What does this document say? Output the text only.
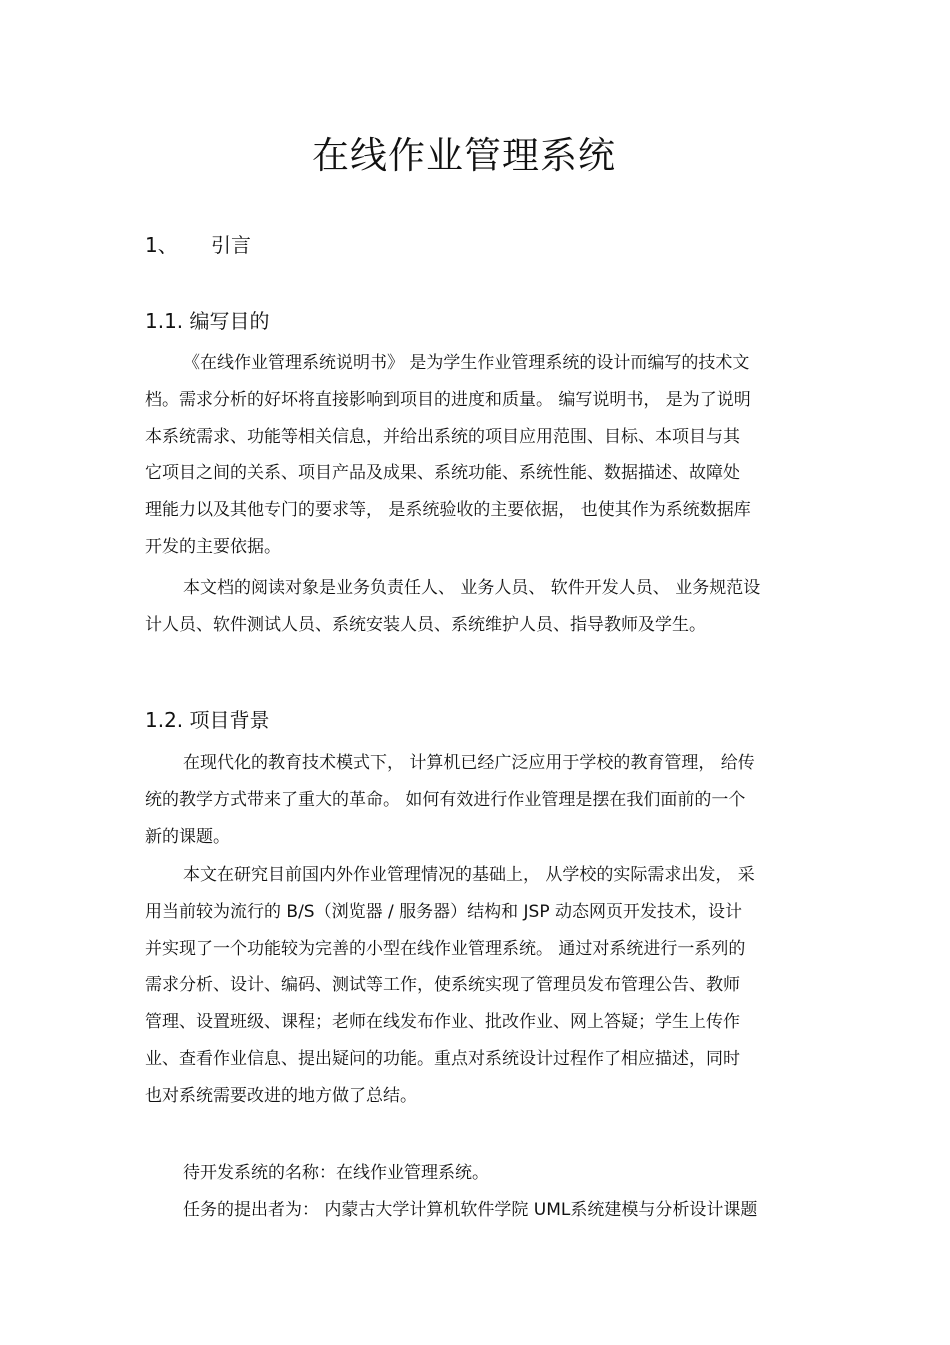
在线作业管理系统
1、 引言
1.1. 编写目的
《在线作业管理系统说明书》 是为学生作业管理系统的设计而编写的技术文
档。需求分析的好坏将直接影响到项目的进度和质量。 编写说明书， 是为了说明
本系统需求、功能等相关信息，并给出系统的项目应用范围、目标、本项目与其
它项目之间的关系、项目产品及成果、系统功能、系统性能、数据描述、故障处
理能力以及其他专门的要求等， 是系统验收的主要依据， 也使其作为系统数据库
开发的主要依据。
本文档的阅读对象是业务负责任人、 业务人员、 软件开发人员、 业务规范设
计人员、软件测试人员、系统安装人员、系统维护人员、指导教师及学生。
1.2. 项目背景
在现代化的教育技术模式下， 计算机已经广泛应用于学校的教育管理， 给传
统的教学方式带来了重大的革命。 如何有效进行作业管理是摆在我们面前的一个
新的课题。
本文在研究目前国内外作业管理情况的基础上， 从学校的实际需求出发， 采
用当前较为流行的 B/S（浏览器 / 服务器）结构和 JSP 动态网页开发技术，设计
并实现了一个功能较为完善的小型在线作业管理系统。 通过对系统进行一系列的
需求分析、设计、编码、测试等工作，使系统实现了管理员发布管理公告、教师
管理、设置班级、课程；老师在线发布作业、批改作业、网上答疑；学生上传作
业、查看作业信息、提出疑问的功能。重点对系统设计过程作了相应描述，同时
也对系统需要改进的地方做了总结。
待开发系统的名称：在线作业管理系统。
任务的提出者为： 内蒙古大学计算机软件学院 UML系统建模与分析设计课题
